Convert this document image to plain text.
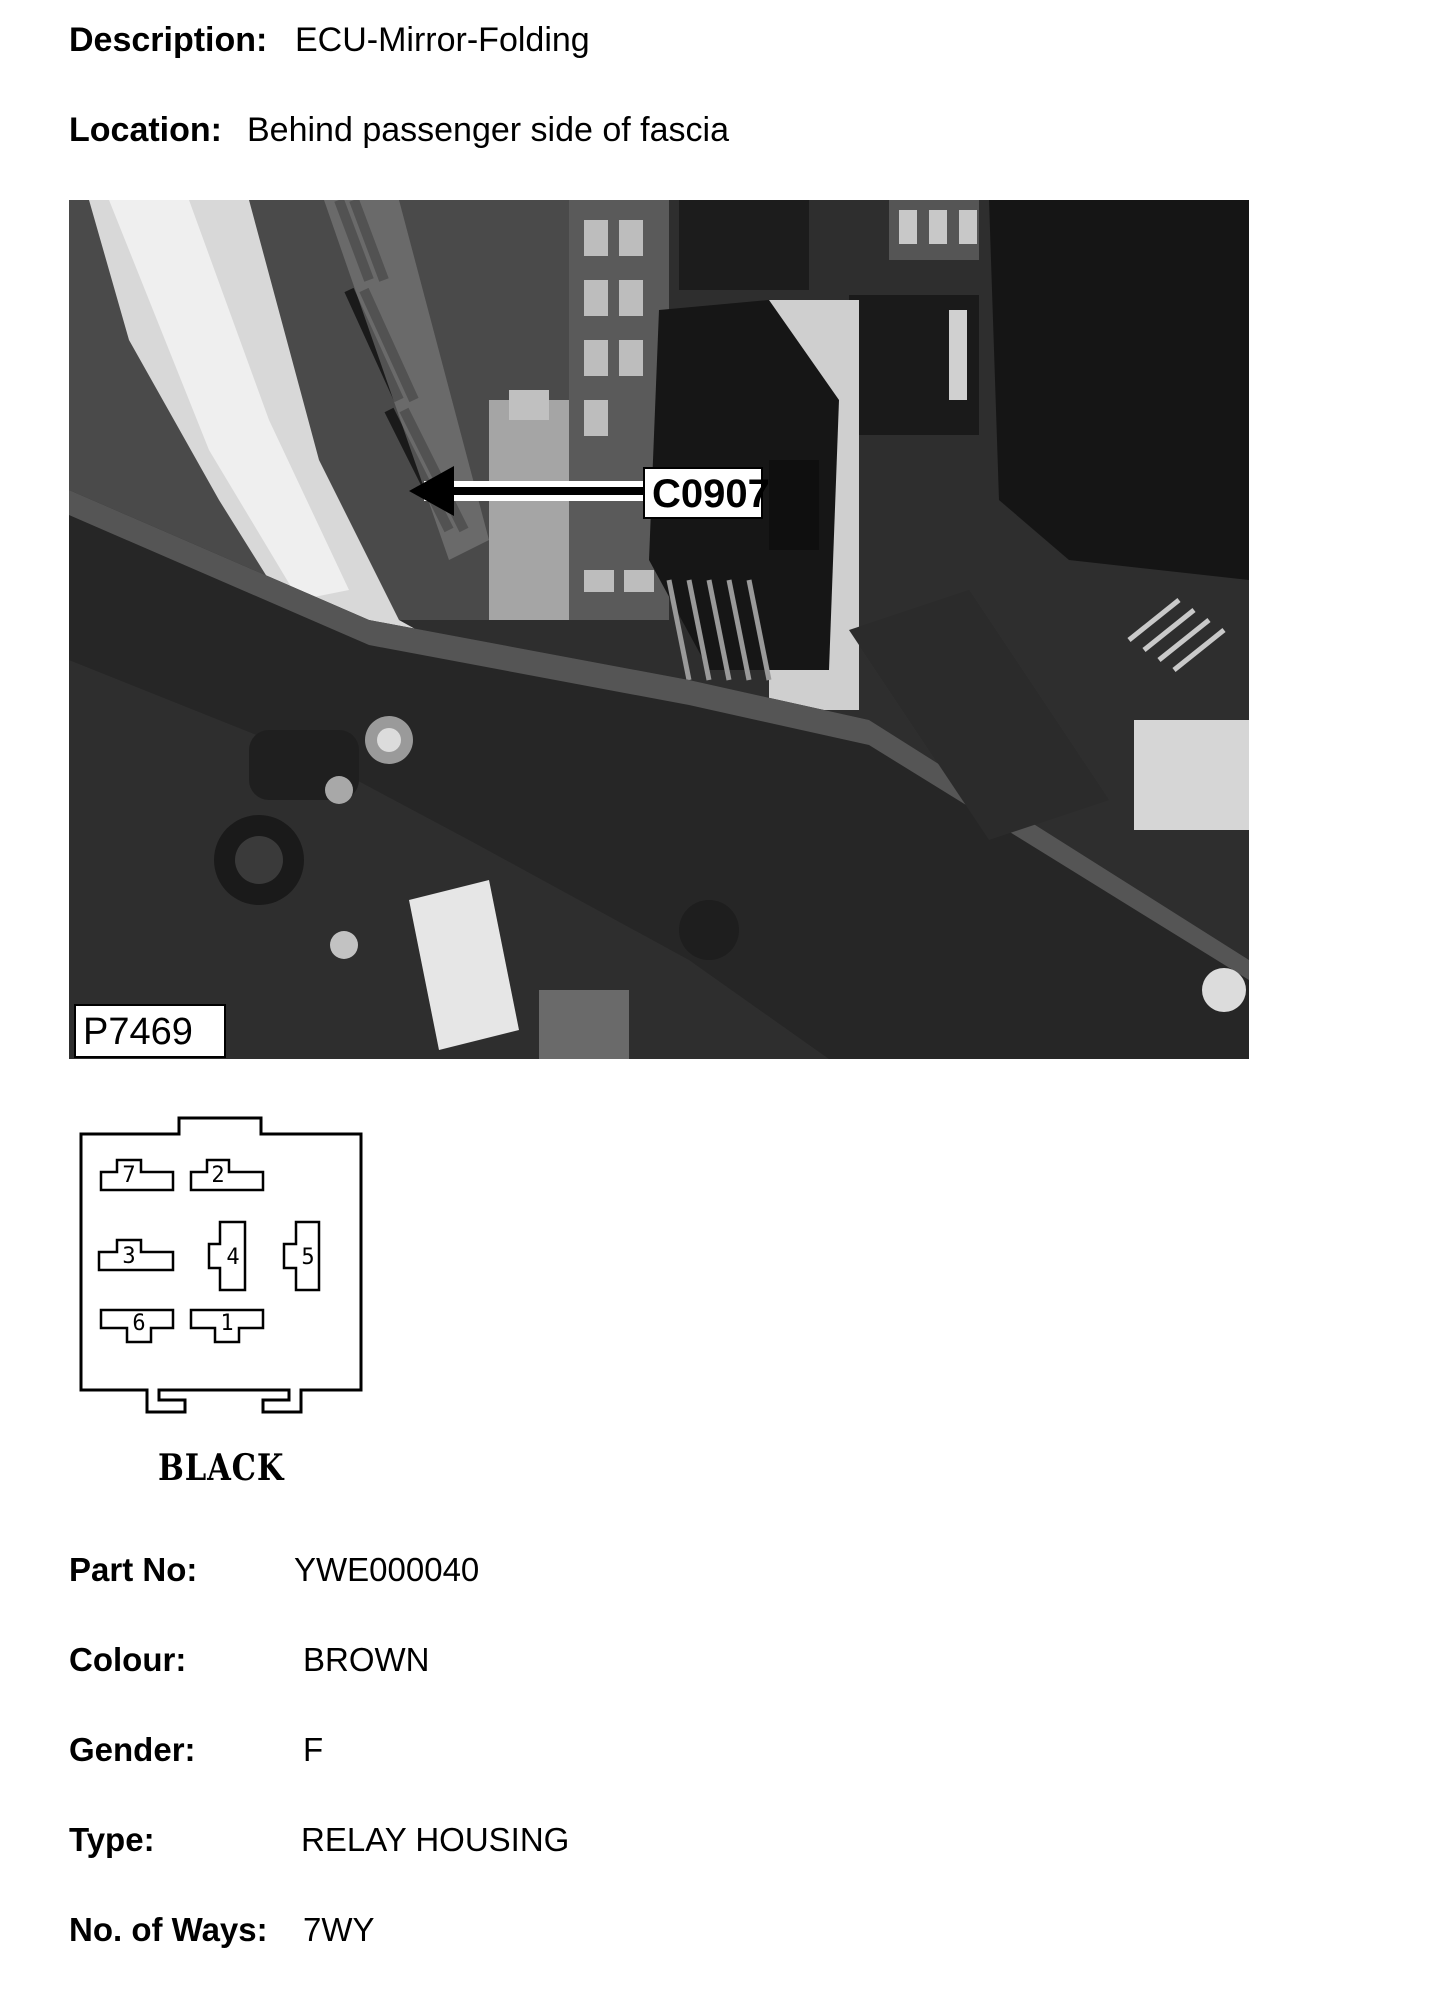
Description: ECU-Mirror-Folding
Location: Behind passenger side of fascia
C0907
P7469
7	2
3	4	5
6	1
BLACK
Part No:	YWE000040
Colour:	BROWN
Gender:	F
Type:	RELAY HOUSING
No. of Ways: 7WY
